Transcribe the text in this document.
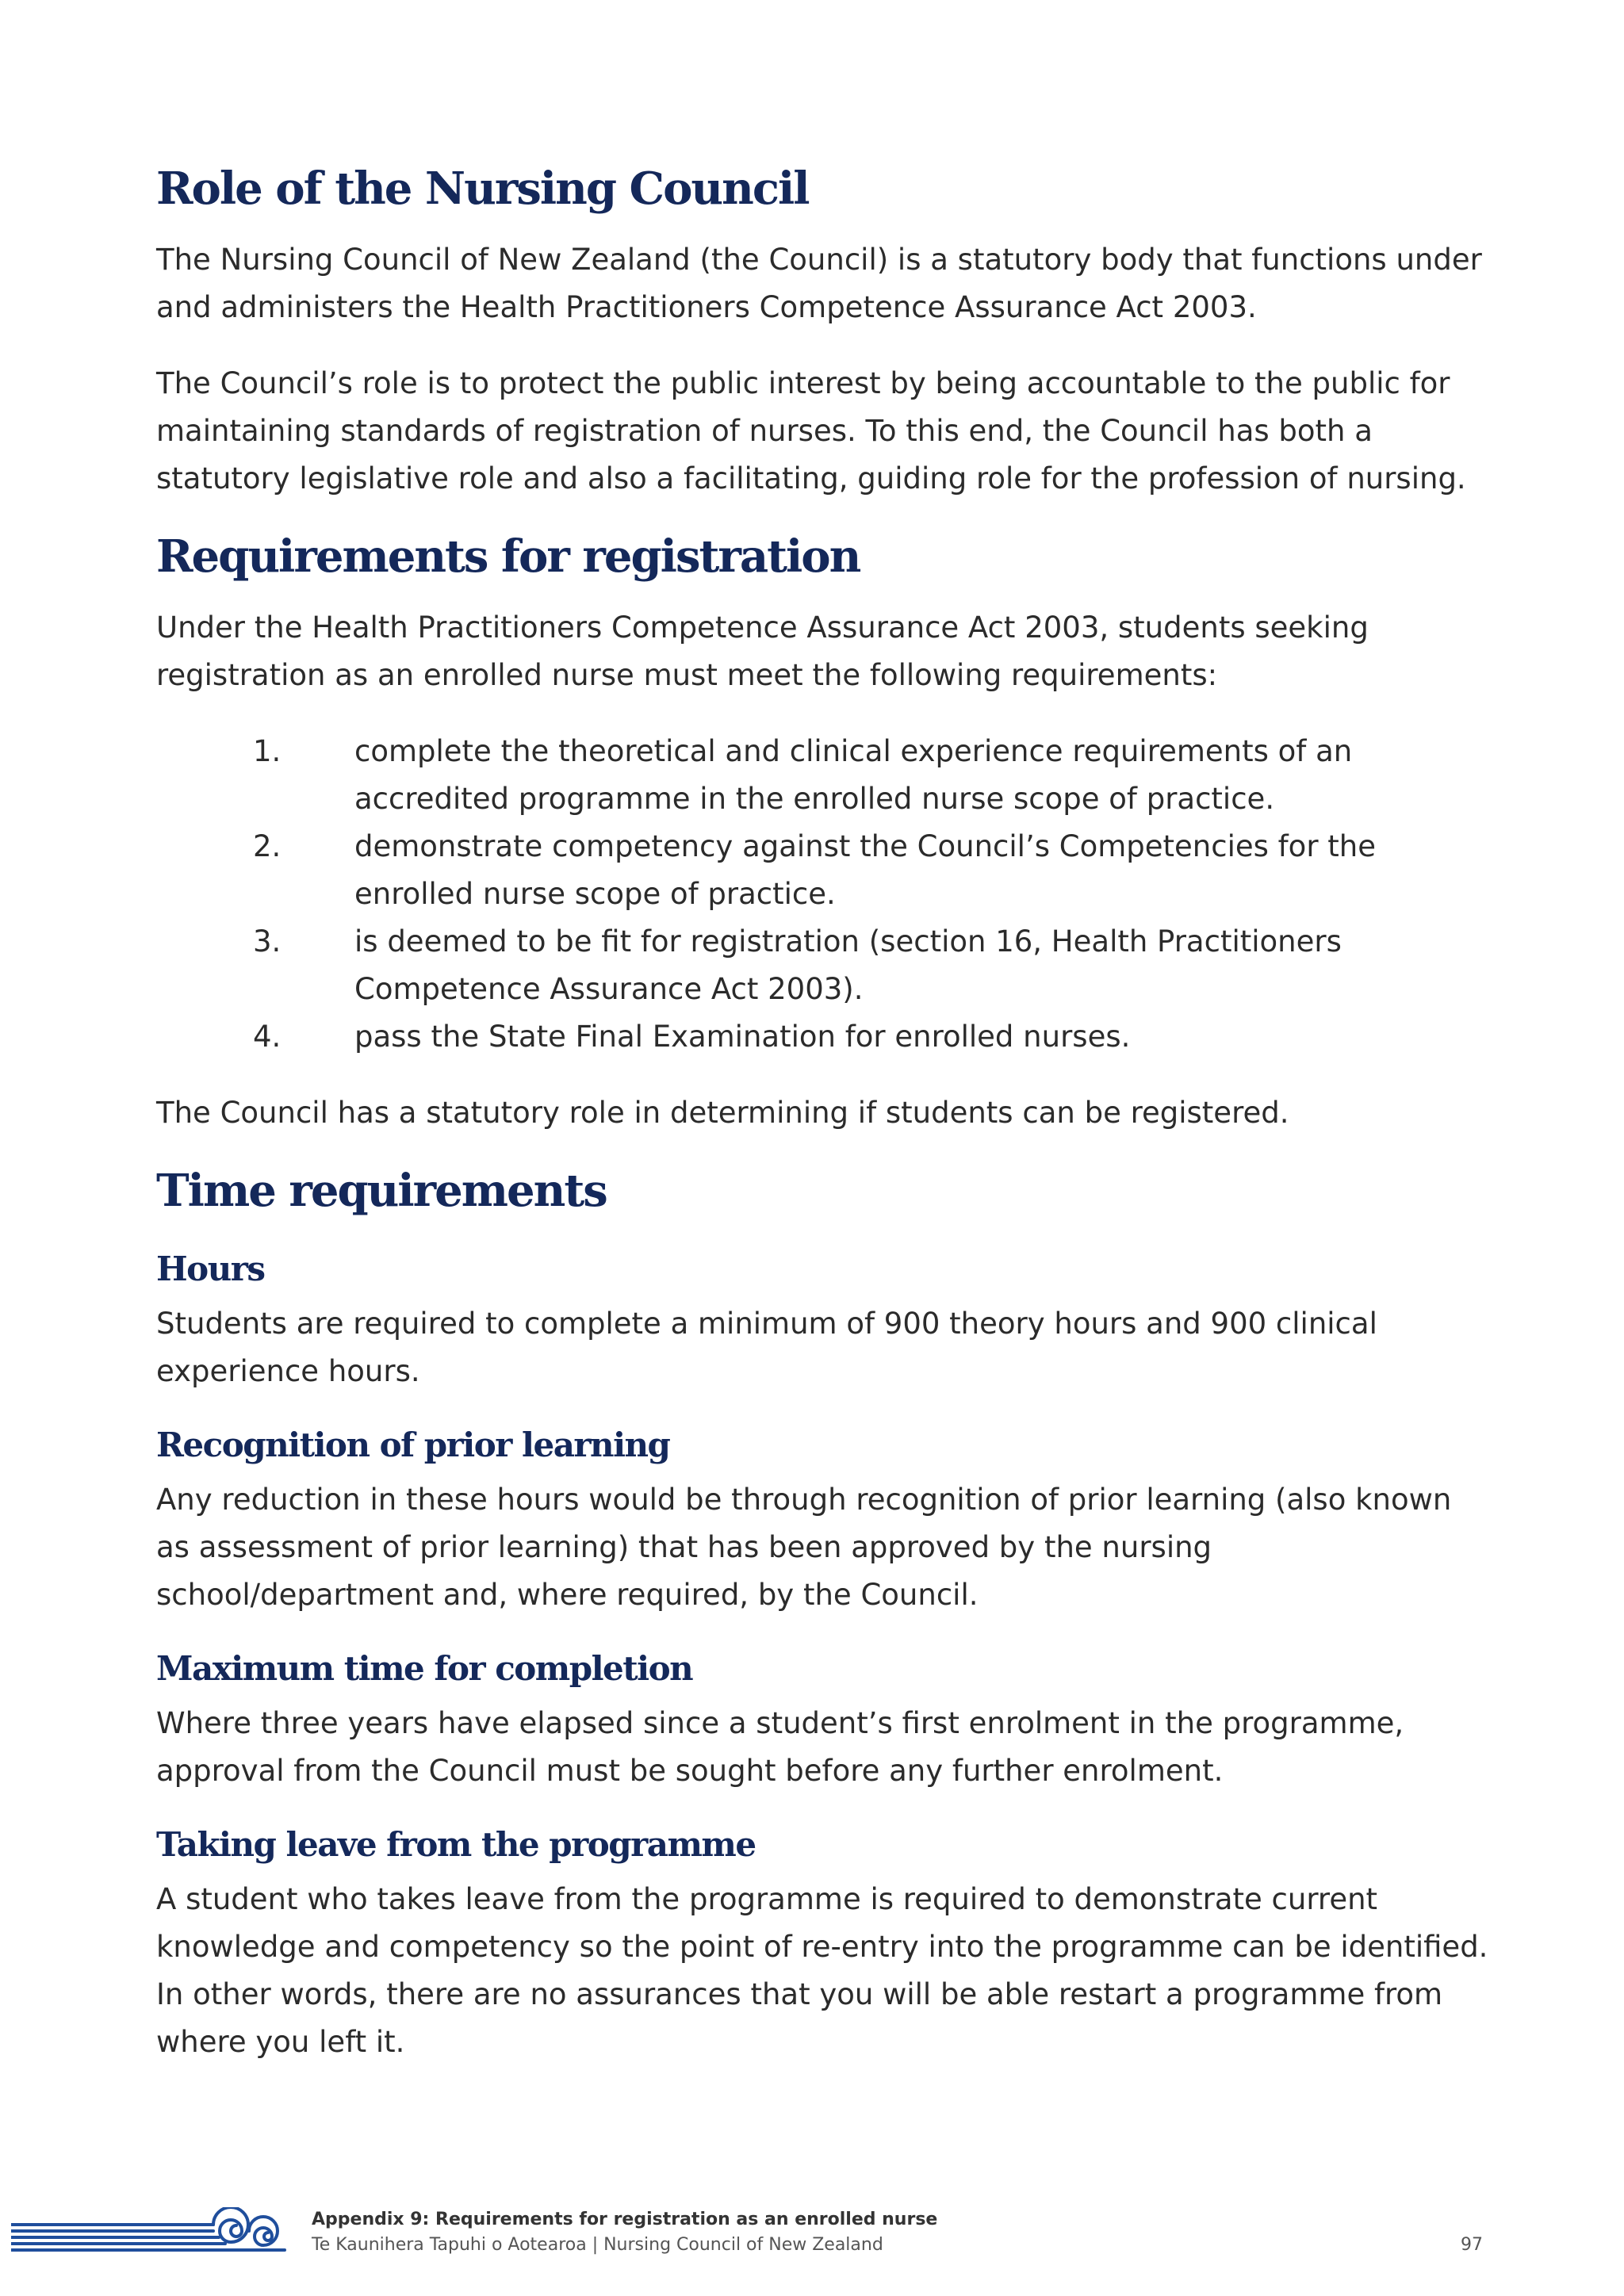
Role of the Nursing Council

The Nursing Council of New Zealand (the Council) is a statutory body that functions under and administers the Health Practitioners Competence Assurance Act 2003.

The Council’s role is to protect the public interest by being accountable to the public for maintaining standards of registration of nurses. To this end, the Council has both a statutory legislative role and also a facilitating, guiding role for the profession of nursing.

Requirements for registration

Under the Health Practitioners Competence Assurance Act 2003, students seeking registration as an enrolled nurse must meet the following requirements:

1.	complete the theoretical and clinical experience requirements of an accredited programme in the enrolled nurse scope of practice.
2.	demonstrate competency against the Council’s Competencies for the enrolled nurse scope of practice.
3.	is deemed to be fit for registration (section 16, Health Practitioners Competence Assurance Act 2003).
4.	pass the State Final Examination for enrolled nurses.

The Council has a statutory role in determining if students can be registered.

Time requirements
Hours

Students are required to complete a minimum of 900 theory hours and 900 clinical experience hours.

Recognition of prior learning

Any reduction in these hours would be through recognition of prior learning (also known as assessment of prior learning) that has been approved by the nursing school/department and, where required, by the Council.

Maximum time for completion

Where three years have elapsed since a student’s first enrolment in the programme, approval from the Council must be sought before any further enrolment.

Taking leave from the programme

A student who takes leave from the programme is required to demonstrate current knowledge and competency so the point of re-entry into the programme can be identified. In other words, there are no assurances that you will be able restart a programme from where you left it.

Appendix 9: Requirements for registration as an enrolled nurse
Te Kaunihera Tapuhi o Aotearoa | Nursing Council of New Zealand	97
